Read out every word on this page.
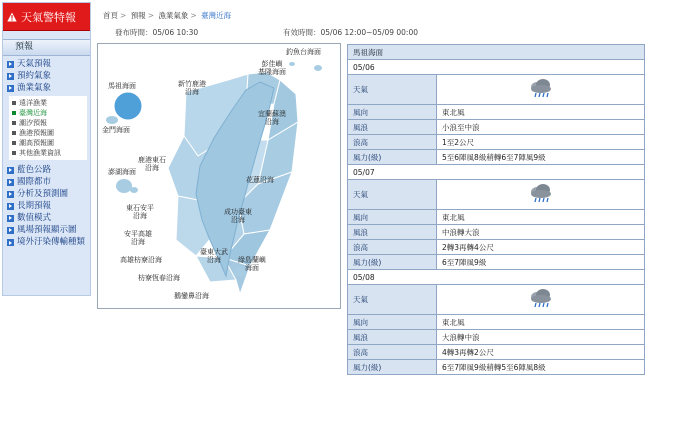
天氣警特報
預報
天氣預報
預約氣象
漁業氣象
遠洋漁業
臺灣近海
潮汐預報
漁港預報圖
潮高預報圖
其他漁業資訊
藍色公路
國際都市
分析及預測圖
長期預報
數值模式
風場預報顯示圖
境外汙染傳輸種類
首頁 > 預報 > 漁業氣象 > 臺灣近海
發布時間：05/06 10:30	有效時間：05/06 12:00~05/09 00:00
馬祖海面
金門海面
釣魚台海面
彭佳嶼
基隆海面
新竹鹿港
沿海
宜蘭蘇澳
沿海
鹿港東石
沿海
澎湖海面
花蓮沿海
東石安平
沿海	成功臺東
沿海
安平高雄
沿海
臺東大武
沿海	綠島蘭嶼
海面
高雄枋寮沿海
枋寮恆春沿海
鵝鑾鼻沿海
馬祖海面	
05/06	
天氣	
風向	東北風
風浪	小浪至中浪
浪高	1至2公尺
風力(級)	5至6陣風8級稍轉6至7陣風9級
05/07	
天氣	
風向	東北風
風浪	中浪轉大浪
浪高	2轉3再轉4公尺
風力(級)	6至7陣風9級
05/08	
天氣	
風向	東北風
風浪	大浪轉中浪
浪高	4轉3再轉2公尺
風力(級)	6至7陣風9級稍轉5至6陣風8級
